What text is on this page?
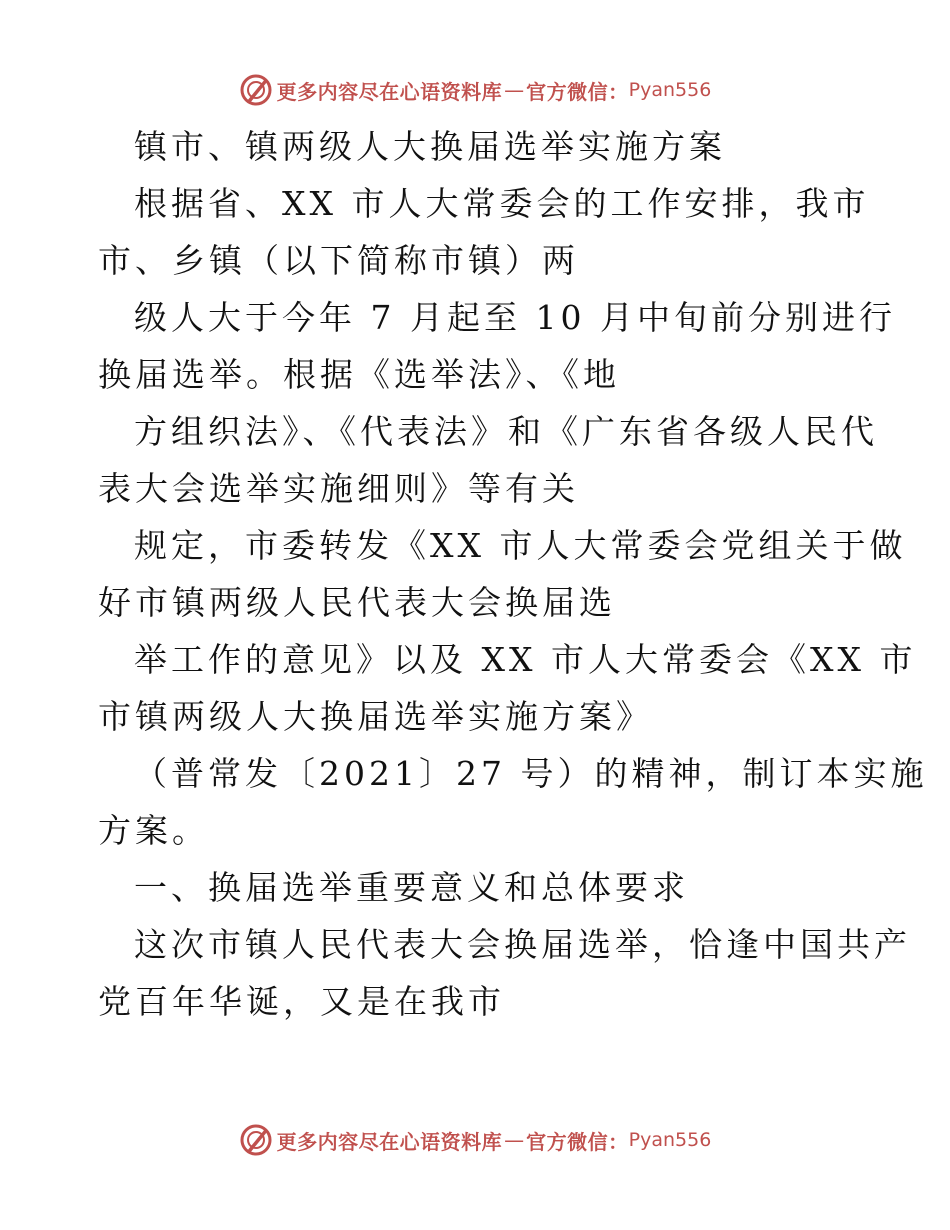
更多内容尽在心语资料库 — 官方微信： Pyan556
镇市、镇两级人大换届选举实施方案
根据省、XX 市人大常委会的工作安排，我市
市、乡镇（以下简称市镇）两
级人大于今年 7 月起至 10 月中旬前分别进行
换届选举。根据《选举法》、《地
方组织法》、《代表法》和《广东省各级人民代
表大会选举实施细则》等有关
规定，市委转发《XX 市人大常委会党组关于做
好市镇两级人民代表大会换届选
举工作的意见》以及 XX 市人大常委会《XX 市
市镇两级人大换届选举实施方案》
（普常发〔2021〕27 号）的精神，制订本实施
方案。
一、换届选举重要意义和总体要求
这次市镇人民代表大会换届选举，恰逢中国共产
党百年华诞，又是在我市
更多内容尽在心语资料库 — 官方微信： Pyan556
